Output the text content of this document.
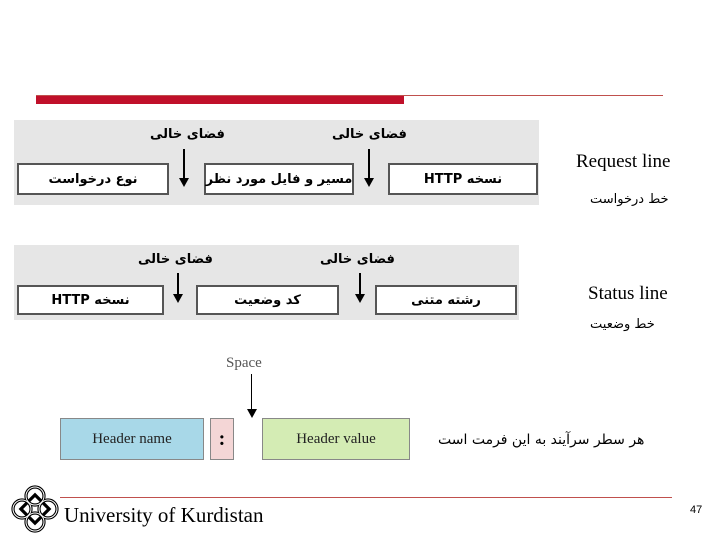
فضای خالی	فضای خالی
نوع درخواست	مسیر و فایل مورد نظر	نسخه HTTP
Request line
خط درخواست
فضای خالی	فضای خالی
نسخه HTTP	کد وضعیت	رشته متنی	Status line
خط وضعیت
Space
Header name	:	Header value	هر سطر سرآیند به این فرمت است
University of Kurdistan	47
